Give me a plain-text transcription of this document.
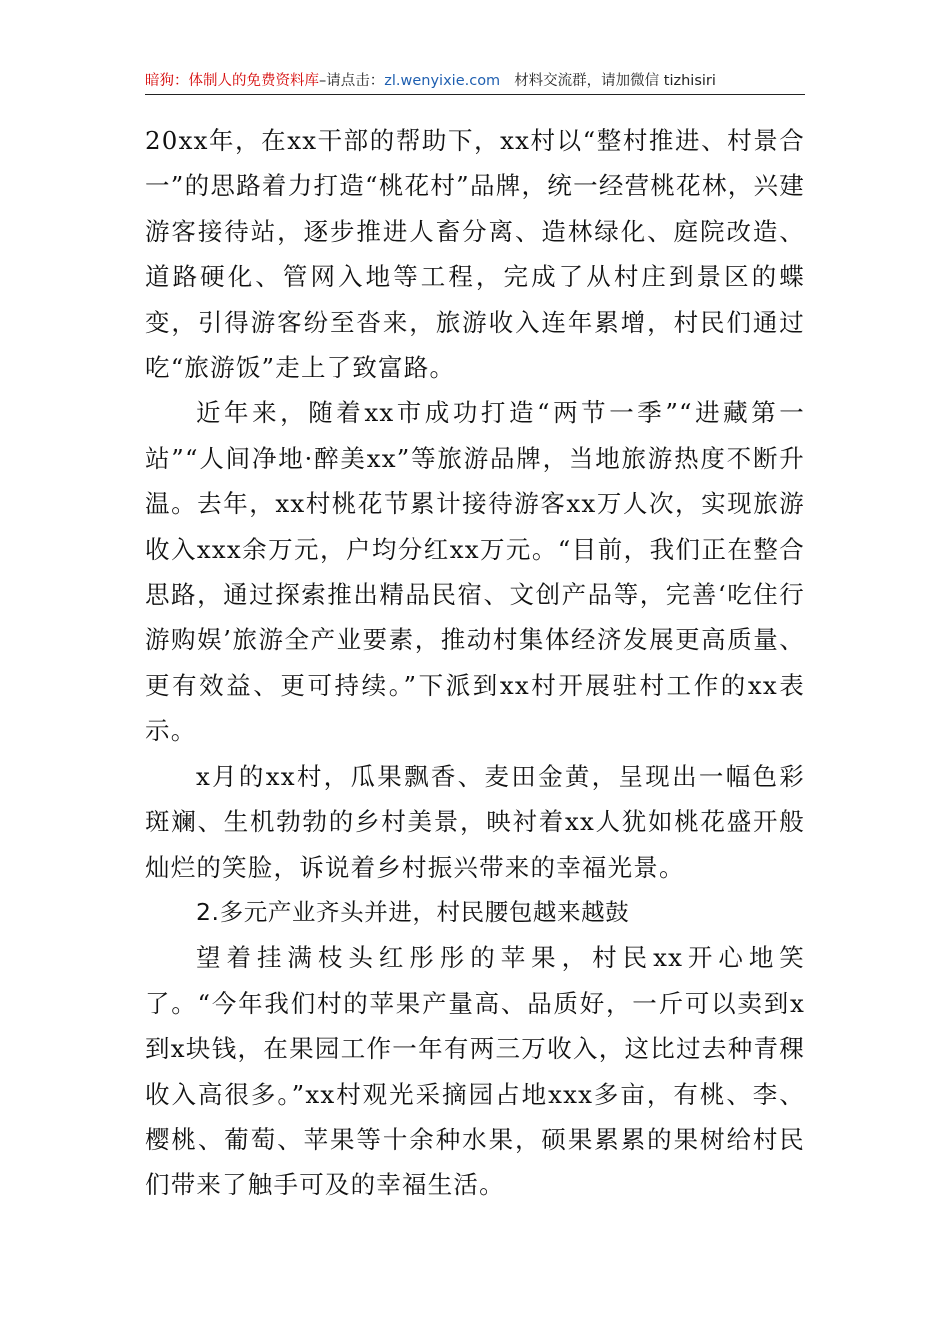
暗狗：体制人的免费资料库–请点击：zl.wenyixie.com 材料交流群，请加微信 tizhisiri

20xx年，在xx干部的帮助下，xx村以“整村推进、村景合一”的思路着力打造“桃花村”品牌，统一经营桃花林，兴建游客接待站，逐步推进人畜分离、造林绿化、庭院改造、道路硬化、管网入地等工程，完成了从村庄到景区的蝶变，引得游客纷至沓来，旅游收入连年累增，村民们通过吃“旅游饭”走上了致富路。

近年来，随着xx市成功打造“两节一季”“进藏第一站”“人间净地·醉美xx”等旅游品牌，当地旅游热度不断升温。去年，xx村桃花节累计接待游客xx万人次，实现旅游收入xxx余万元，户均分红xx万元。“目前，我们正在整合思路，通过探索推出精品民宿、文创产品等，完善‘吃住行游购娱’旅游全产业要素，推动村集体经济发展更高质量、更有效益、更可持续。”下派到xx村开展驻村工作的xx表示。

x月的xx村，瓜果飘香、麦田金黄，呈现出一幅色彩斑斓、生机勃勃的乡村美景，映衬着xx人犹如桃花盛开般灿烂的笑脸，诉说着乡村振兴带来的幸福光景。

2.多元产业齐头并进，村民腰包越来越鼓

望着挂满枝头红彤彤的苹果，村民xx开心地笑了。“今年我们村的苹果产量高、品质好，一斤可以卖到x到x块钱，在果园工作一年有两三万收入，这比过去种青稞收入高很多。”xx村观光采摘园占地xxx多亩，有桃、李、樱桃、葡萄、苹果等十余种水果，硕果累累的果树给村民们带来了触手可及的幸福生活。
